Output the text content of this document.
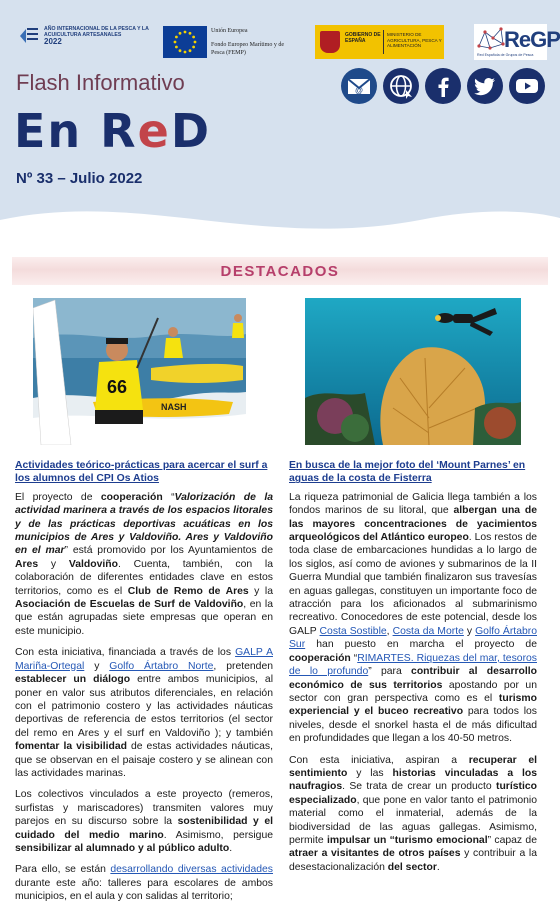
AÑO INTERNACIONAL DE LA PESCA Y LA ACUICULTURA ARTESANALES
2022
Unión Europea
Fondo Europeo Marítimo y de Pesca (FEMP)
GOBIERNO DE ESPAÑA
MINISTERIO DE AGRICULTURA, PESCA Y ALIMENTACIÓN	ReGP
Red Española de Grupos de Pesca
Flash Informativo
En ReD
Nº 33 – Julio 2022
@
DESTACADOS
NASH
66

Actividades teórico-prácticas para acercar el surf a los alumnos del CPI Os Atios

El proyecto de cooperación “Valorización de la actividad marinera a través de los espacios litorales y de las prácticas deportivas acuáticas en los municipios de Ares y Valdoviño. Ares y Valdoviño en el mar” está promovido por los Ayuntamientos de Ares y Valdoviño. Cuenta, también, con la colaboración de diferentes entidades clave en estos territorios, como es el Club de Remo de Ares y la Asociación de Escuelas de Surf de Valdoviño, en la que están agrupadas siete empresas que operan en este municipio.

Con esta iniciativa, financiada a través de los GALP A Mariña-Ortegal y Golfo Ártabro Norte, pretenden establecer un diálogo entre ambos municipios, al poner en valor sus atributos diferenciales, en relación con el patrimonio costero y las actividades náuticas deportivas de referencia de estos territorios (el sector del remo en Ares y el surf en Valdoviño ); y también fomentar la visibilidad de estas actividades náuticas, que se observan en el paisaje costero y se alinean con las actividades marinas.

Los colectivos vinculados a este proyecto (remeros, surfistas y mariscadores) transmiten valores muy parejos en su discurso sobre la sostenibilidad y el cuidado del medio marino. Asimismo, persigue sensibilizar al alumnado y al público adulto.

Para ello, se están desarrollando diversas actividades durante este año: talleres para escolares de ambos municipios, en el aula y con salidas al territorio;

En busca de la mejor foto del ‘Mount Parnes’ en aguas de la costa de Fisterra

La riqueza patrimonial de Galicia llega también a los fondos marinos de su litoral, que albergan una de las mayores concentraciones de yacimientos arqueológicos del Atlántico europeo. Los restos de toda clase de embarcaciones hundidas a lo largo de los siglos, así como de aviones y submarinos de la II Guerra Mundial que también finalizaron sus travesías en aguas gallegas, constituyen un importante foco de atracción para los aficionados al submarinismo recreativo. Conocedores de este potencial, desde los GALP Costa Sostible, Costa da Morte y Golfo Ártabro Sur han puesto en marcha el proyecto de cooperación “RIMARTES. Riquezas del mar, tesoros de lo profundo” para contribuir al desarrollo económico de sus territorios apostando por un sector con gran perspectiva como es el turismo experiencial y el buceo recreativo para todos los niveles, desde el snorkel hasta el de más dificultad en profundidades que llegan a los 40-50 metros.

Con esta iniciativa, aspiran a recuperar el sentimiento y las historias vinculadas a los naufragios. Se trata de crear un producto turístico especializado, que pone en valor tanto el patrimonio material como el inmaterial, además de la biodiversidad de las aguas gallegas. Asimismo, permite impulsar un “turismo emocional” capaz de atraer a visitantes de otros países y contribuir a la desestacionalización del sector.
